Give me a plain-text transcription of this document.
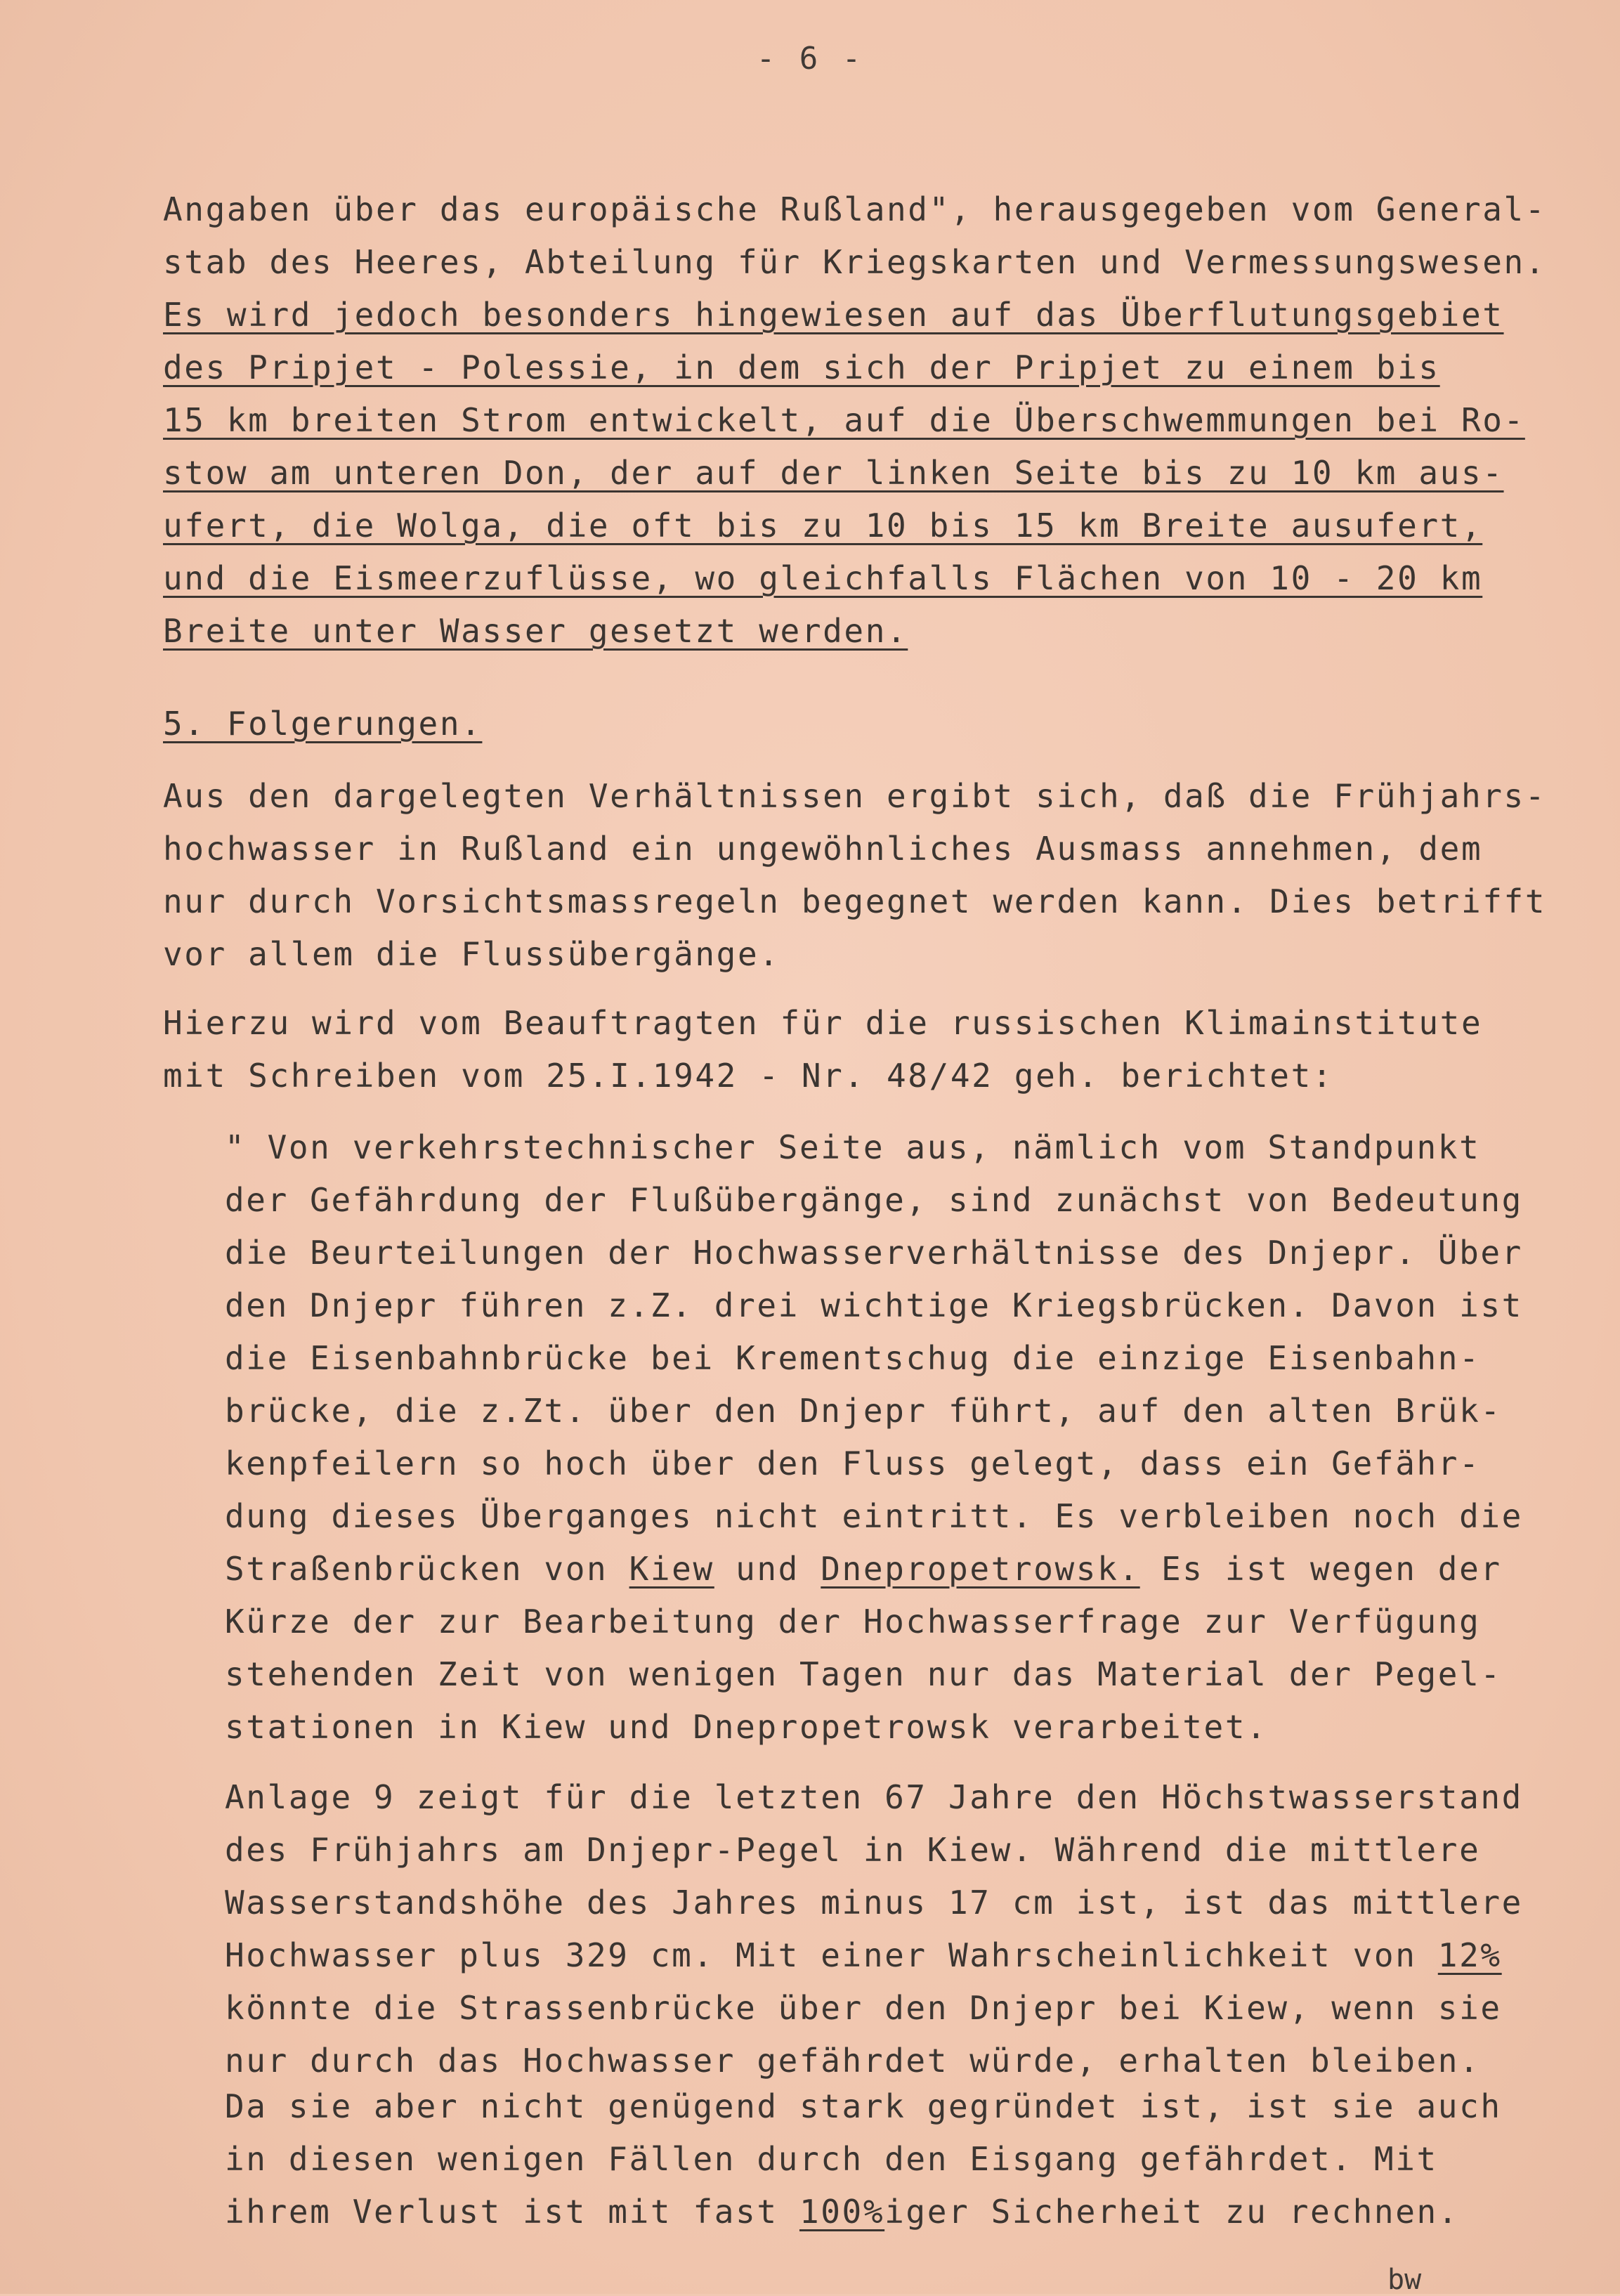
- 6 -
Angaben über das europäische Rußland", herausgegeben vom General-
stab des Heeres, Abteilung für Kriegskarten und Vermessungswesen.
Es wird jedoch besonders hingewiesen auf das Überflutungsgebiet
des Pripjet - Polessie, in dem sich der Pripjet zu einem bis
15 km breiten Strom entwickelt, auf die Überschwemmungen bei Ro-
stow am unteren Don, der auf der linken Seite bis zu 10 km aus-
ufert, die Wolga, die oft bis zu 10 bis 15 km Breite ausufert,
und die Eismeerzuflüsse, wo gleichfalls Flächen von 10 - 20 km
Breite unter Wasser gesetzt werden.
5. Folgerungen.
Aus den dargelegten Verhältnissen ergibt sich, daß die Frühjahrs-
hochwasser in Rußland ein ungewöhnliches Ausmass annehmen, dem
nur durch Vorsichtsmassregeln begegnet werden kann. Dies betrifft
vor allem die Flussübergänge.
Hierzu wird vom Beauftragten für die russischen Klimainstitute
mit Schreiben vom 25.I.1942 - Nr. 48/42 geh. berichtet:
" Von verkehrstechnischer Seite aus, nämlich vom Standpunkt
der Gefährdung der Flußübergänge, sind zunächst von Bedeutung
die Beurteilungen der Hochwasserverhältnisse des Dnjepr. Über
den Dnjepr führen z.Z. drei wichtige Kriegsbrücken. Davon ist
die Eisenbahnbrücke bei Krementschug die einzige Eisenbahn-
brücke, die z.Zt. über den Dnjepr führt, auf den alten Brük-
kenpfeilern so hoch über den Fluss gelegt, dass ein Gefähr-
dung dieses Überganges nicht eintritt. Es verbleiben noch die
Straßenbrücken von Kiew und Dnepropetrowsk. Es ist wegen der
Kürze der zur Bearbeitung der Hochwasserfrage zur Verfügung
stehenden Zeit von wenigen Tagen nur das Material der Pegel-
stationen in Kiew und Dnepropetrowsk verarbeitet.
Anlage 9 zeigt für die letzten 67 Jahre den Höchstwasserstand
des Frühjahrs am Dnjepr-Pegel in Kiew. Während die mittlere
Wasserstandshöhe des Jahres minus 17 cm ist, ist das mittlere
Hochwasser plus 329 cm. Mit einer Wahrscheinlichkeit von 12%
könnte die Strassenbrücke über den Dnjepr bei Kiew, wenn sie
nur durch das Hochwasser gefährdet würde, erhalten bleiben.
Da sie aber nicht genügend stark gegründet ist, ist sie auch
in diesen wenigen Fällen durch den Eisgang gefährdet. Mit
ihrem Verlust ist mit fast 100%iger Sicherheit zu rechnen.
bw
